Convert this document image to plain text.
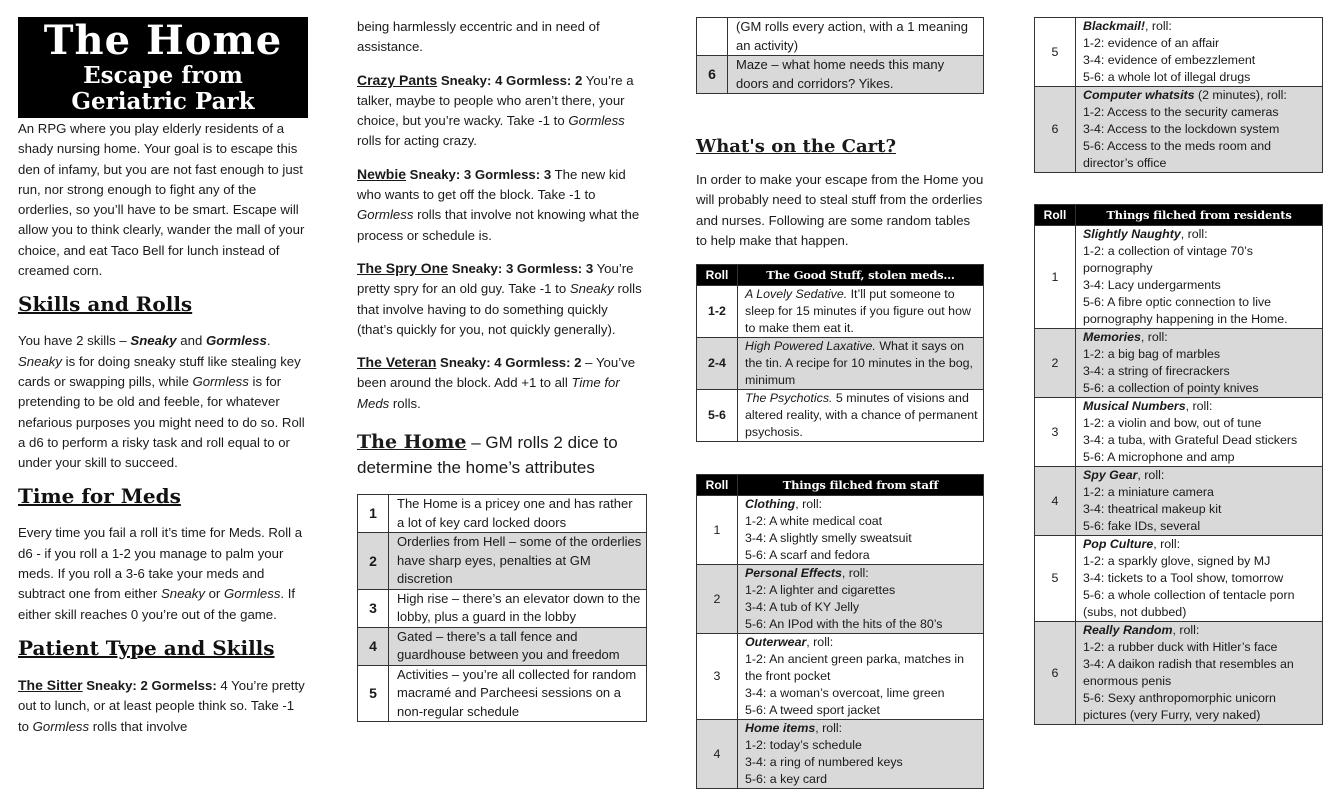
The Home
Escape from
Geriatric Park

An RPG where you play elderly residents of a shady nursing home. Your goal is to escape this den of infamy, but you are not fast enough to just run, nor strong enough to fight any of the orderlies, so you’ll have to be smart. Escape will allow you to think clearly, wander the mall of your choice, and eat Taco Bell for lunch instead of creamed corn.

Skills and Rolls

You have 2 skills – Sneaky and Gormless. Sneaky is for doing sneaky stuff like stealing key cards or swapping pills, while Gormless is for pretending to be old and feeble, for whatever nefarious purposes you might need to do so. Roll a d6 to perform a risky task and roll equal to or under your skill to succeed.

Time for Meds

Every time you fail a roll it’s time for Meds. Roll a d6 - if you roll a 1-2 you manage to palm your meds. If you roll a 3-6 take your meds and subtract one from either Sneaky or Gormless. If either skill reaches 0 you’re out of the game.

Patient Type and Skills

The Sitter Sneaky: 2 Gormelss: 4 You’re pretty out to lunch, or at least people think so. Take -1 to Gormless rolls that involve

being harmlessly eccentric and in need of assistance.

Crazy Pants Sneaky: 4 Gormless: 2 You’re a talker, maybe to people who aren’t there, your choice, but you’re wacky. Take -1 to Gormless rolls for acting crazy.

Newbie Sneaky: 3 Gormless: 3 The new kid who wants to get off the block. Take -1 to Gormless rolls that involve not knowing what the process or schedule is.

The Spry One Sneaky: 3 Gormless: 3 You’re pretty spry for an old guy. Take -1 to Sneaky rolls that involve having to do something quickly (that’s quickly for you, not quickly generally).

The Veteran Sneaky: 4 Gormless: 2 – You’ve been around the block. Add +1 to all Time for Meds rolls.

The Home – GM rolls 2 dice to determine the home’s attributes

1	The Home is a pricey one and has rather a lot of key card locked doors
2	Orderlies from Hell – some of the orderlies have sharp eyes, penalties at GM discretion
3	High rise – there’s an elevator down to the lobby, plus a guard in the lobby
4	Gated – there’s a tall fence and guardhouse between you and freedom
5	Activities – you’re all collected for random macramé and Parcheesi sessions on a non-regular schedule
	(GM rolls every action, with a 1 meaning an activity)
6	Maze – what home needs this many doors and corridors? Yikes.
What's on the Cart?

In order to make your escape from the Home you will probably need to steal stuff from the orderlies and nurses. Following are some random tables to help make that happen.

Roll	The Good Stuff, stolen meds…
1-2	A Lovely Sedative. It’ll put someone to sleep for 15 minutes if you figure out how to make them eat it.
2-4	High Powered Laxative. What it says on the tin. A recipe for 10 minutes in the bog, minimum
5-6	The Psychotics. 5 minutes of visions and altered reality, with a chance of permanent psychosis.
Roll	Things filched from staff
1	Clothing, roll:
1-2: A white medical coat
3-4: A slightly smelly sweatsuit
5-6: A scarf and fedora

2	Personal Effects, roll:
1-2: A lighter and cigarettes
3-4: A tub of KY Jelly
5-6: An IPod with the hits of the 80’s

3	Outerwear, roll:
1-2: An ancient green parka, matches in the front pocket
3-4: a woman’s overcoat, lime green
5-6: A tweed sport jacket

4	Home items, roll:
1-2: today’s schedule
3-4: a ring of numbered keys
5-6: a key card
5	Blackmail!, roll:
1-2: evidence of an affair
3-4: evidence of embezzlement
5-6: a whole lot of illegal drugs

6	Computer whatsits (2 minutes), roll:
1-2: Access to the security cameras
3-4: Access to the lockdown system
5-6: Access to the meds room and director’s office
Roll	Things filched from residents
1	Slightly Naughty, roll:
1-2: a collection of vintage 70’s pornography
3-4: Lacy undergarments
5-6: A fibre optic connection to live pornography happening in the Home.

2	Memories, roll:
1-2: a big bag of marbles
3-4: a string of firecrackers
5-6: a collection of pointy knives

3	Musical Numbers, roll:
1-2: a violin and bow, out of tune
3-4: a tuba, with Grateful Dead stickers
5-6: A microphone and amp

4	Spy Gear, roll:
1-2: a miniature camera
3-4: theatrical makeup kit
5-6: fake IDs, several

5	Pop Culture, roll:
1-2: a sparkly glove, signed by MJ
3-4: tickets to a Tool show, tomorrow
5-6: a whole collection of tentacle porn (subs, not dubbed)

6	Really Random, roll:
1-2: a rubber duck with Hitler’s face
3-4: A daikon radish that resembles an enormous penis
5-6: Sexy anthropomorphic unicorn pictures (very Furry, very naked)
